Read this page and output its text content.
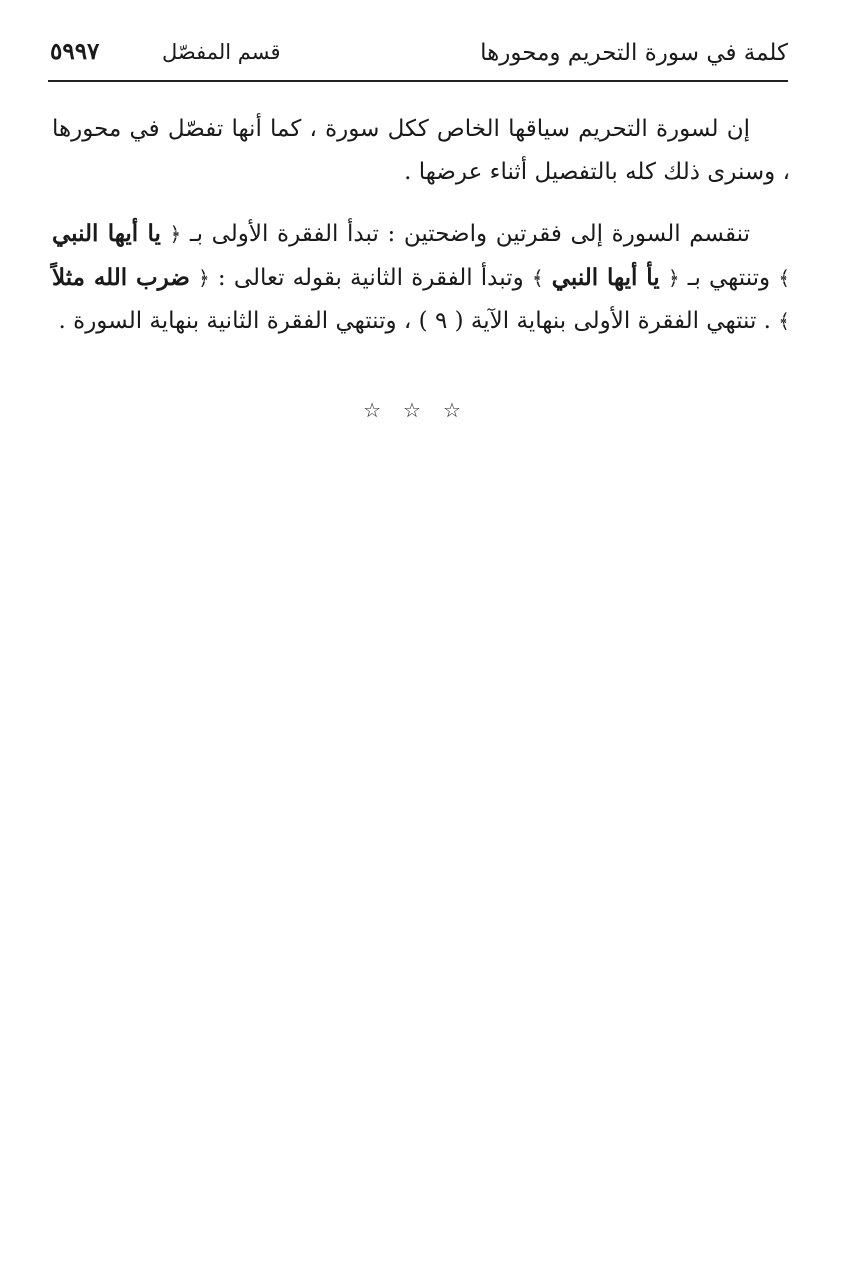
كلمة في سورة التحريم ومحورها
قسم المفصّل
٥٩٩٧

إن لسورة التحريم سياقها الخاص ككل سورة ، كما أنها تفصّل في محورها ، وسنرى ذلك كله بالتفصيل أثناء عرضها .

تنقسم السورة إلى فقرتين واضحتين : تبدأ الفقرة الأولى بـ ﴿ يا أيها النبي ﴾ وتنتهي بـ ﴿ يأ أيها النبي ﴾ وتبدأ الفقرة الثانية بقوله تعالى : ﴿ ضرب الله مثلاً ﴾ . تنتهي الفقرة الأولى بنهاية الآية ( ٩ ) ، وتنتهي الفقرة الثانية بنهاية السورة .

☆☆☆
